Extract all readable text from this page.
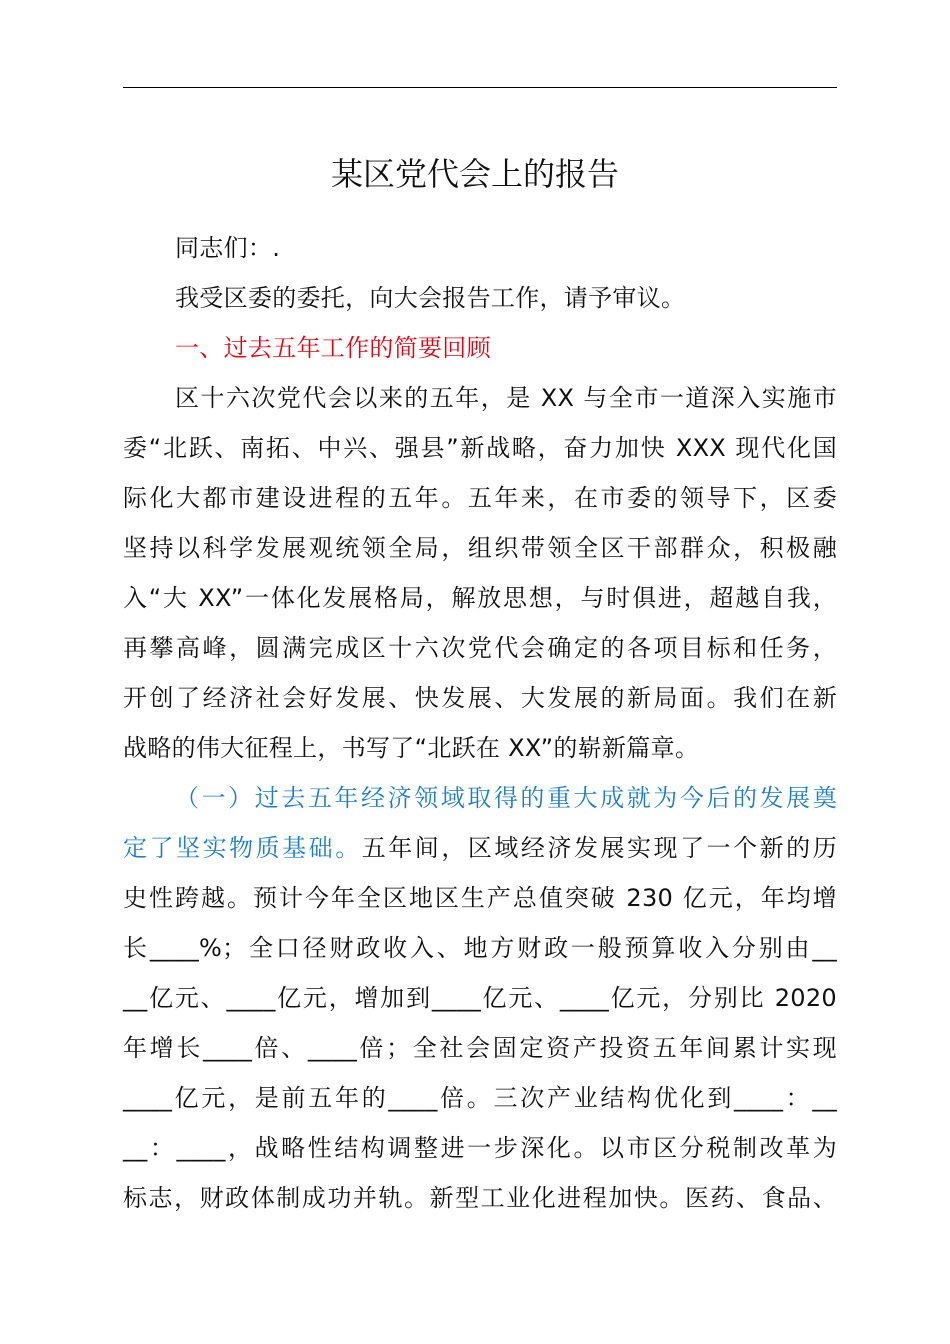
某区党代会上的报告
同志们：.
我受区委的委托，向大会报告工作，请予审议。
一、过去五年工作的简要回顾
区十六次党代会以来的五年，是 XX 与全市一道深入实施市
委“北跃、南拓、中兴、强县”新战略，奋力加快 XXX 现代化国
际化大都市建设进程的五年。五年来，在市委的领导下，区委
坚持以科学发展观统领全局，组织带领全区干部群众，积极融
入“大 XX”一体化发展格局，解放思想，与时俱进，超越自我，
再攀高峰，圆满完成区十六次党代会确定的各项目标和任务，
开创了经济社会好发展、快发展、大发展的新局面。我们在新
战略的伟大征程上，书写了“北跃在 XX”的崭新篇章。
（一）过去五年经济领域取得的重大成就为今后的发展奠
定了坚实物质基础。五年间，区域经济发展实现了一个新的历
史性跨越。预计今年全区地区生产总值突破 230 亿元，年均增
长____%；全口径财政收入、地方财政一般预算收入分别由__
__亿元、____亿元，增加到____亿元、____亿元，分别比 2020
年增长____倍、____倍；全社会固定资产投资五年间累计实现
____亿元，是前五年的____倍。三次产业结构优化到____：__
__：____，战略性结构调整进一步深化。以市区分税制改革为
标志，财政体制成功并轨。新型工业化进程加快。医药、食品、
